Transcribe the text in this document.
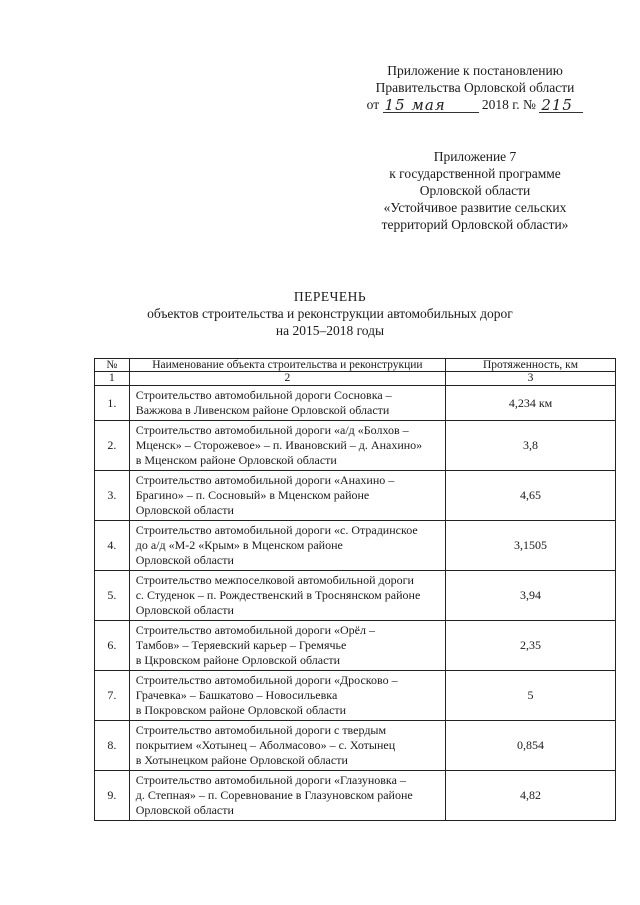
Приложение к постановлению
Правительства Орловской области
от 15 мая	2018 г. № 215
Приложение 7
к государственной программе
Орловской области
«Устойчивое развитие сельских
территорий Орловской области»
ПЕРЕЧЕНЬ
объектов строительства и реконструкции автомобильных дорог
на 2015–2018 годы
№	Наименование объекта строительства и реконструкции	Протяженность, км
1	2	3
1.	Строительство автомобильной дороги Сосновка –
Важжова в Ливенском районе Орловской области	4,234 км
2.	Строительство автомобильной дороги «а/д «Болхов –
Мценск» – Сторожевое» – п. Ивановский – д. Анахино»
в Мценском районе Орловской области	3,8
3.	Строительство автомобильной дороги «Анахино –
Брагино» – п. Сосновый» в Мценском районе
Орловской области	4,65
4.	Строительство автомобильной дороги «с. Отрадинское
до а/д «М-2 «Крым» в Мценском районе
Орловской области	3,1505
5.	Строительство межпоселковой автомобильной дороги
с. Студенок – п. Рождественский в Троснянском районе
Орловской области	3,94
6.	Строительство автомобильной дороги «Орёл –
Тамбов» – Теряевский карьер – Гремячье
в Цкровском районе Орловской области	2,35
7.	Строительство автомобильной дороги «Дросково –
Грачевка» – Башкатово – Новосильевка
в Покровском районе Орловской области	5
8.	Строительство автомобильной дороги с твердым
покрытием «Хотынец – Аболмасово» – с. Хотынец
в Хотынецком районе Орловской области	0,854
9.	Строительство автомобильной дороги «Глазуновка –
д. Степная» – п. Соревнование в Глазуновском районе
Орловской области	4,82
